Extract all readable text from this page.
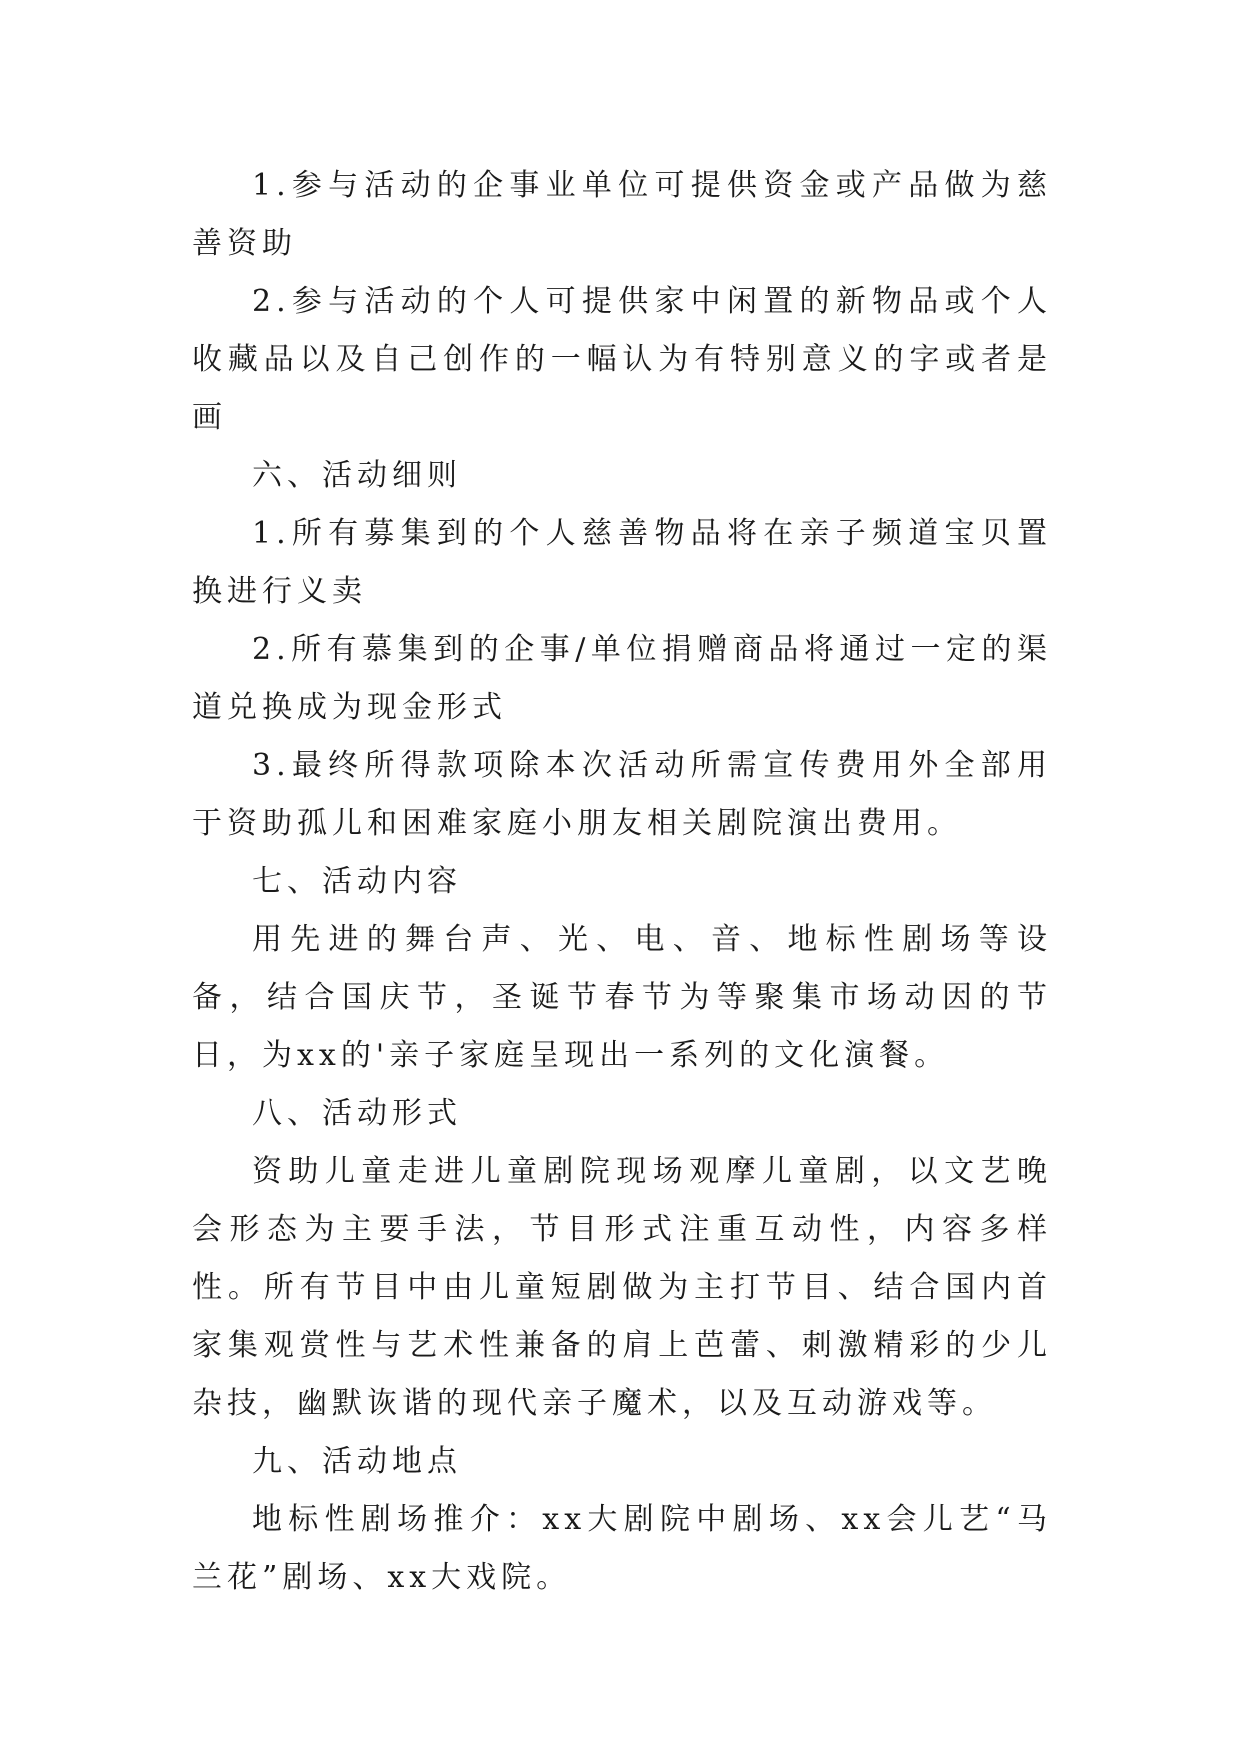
1.参与活动的企事业单位可提供资金或产品做为慈善资助

2.参与活动的个人可提供家中闲置的新物品或个人收藏品以及自己创作的一幅认为有特别意义的字或者是画

六、活动细则

1.所有募集到的个人慈善物品将在亲子频道宝贝置换进行义卖

2.所有慕集到的企事/单位捐赠商品将通过一定的渠道兑换成为现金形式

3.最终所得款项除本次活动所需宣传费用外全部用于资助孤儿和困难家庭小朋友相关剧院演出费用。

七、活动内容

用先进的舞台声、光、电、音、地标性剧场等设备，结合国庆节，圣诞节春节为等聚集市场动因的节日，为xx的'亲子家庭呈现出一系列的文化演餐。

八、活动形式

资助儿童走进儿童剧院现场观摩儿童剧，以文艺晚会形态为主要手法，节目形式注重互动性，内容多样性。所有节目中由儿童短剧做为主打节目、结合国内首家集观赏性与艺术性兼备的肩上芭蕾、刺激精彩的少儿杂技，幽默诙谐的现代亲子魔术，以及互动游戏等。

九、活动地点

地标性剧场推介：xx大剧院中剧场、xx会儿艺“马兰花”剧场、xx大戏院。
